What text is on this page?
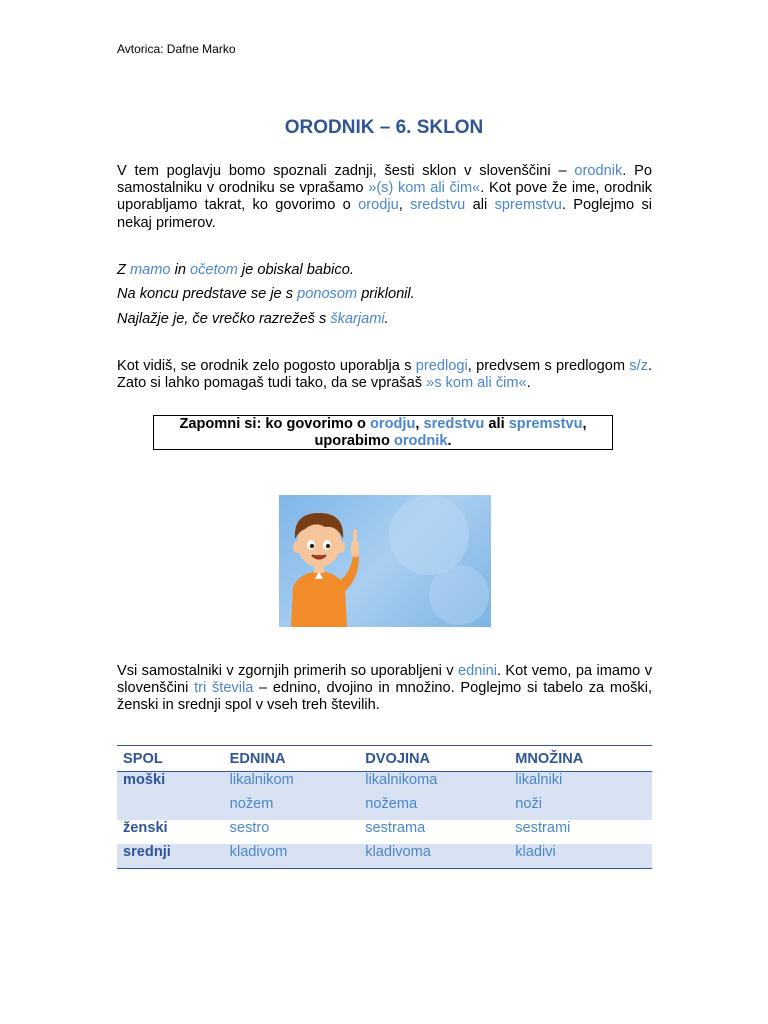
Avtorica: Dafne Marko
ORODNIK – 6. SKLON
V tem poglavju bomo spoznali zadnji, šesti sklon v slovenščini – orodnik. Po samostalniku v orodniku se vprašamo »(s) kom ali čim«. Kot pove že ime, orodnik uporabljamo takrat, ko govorimo o orodju, sredstvu ali spremstvu. Poglejmo si nekaj primerov.
Z mamo in očetom je obiskal babico.
Na koncu predstave se je s ponosom priklonil.
Najlažje je, če vrečko razrežeš s škarjami.
Kot vidiš, se orodnik zelo pogosto uporablja s predlogi, predvsem s predlogom s/z. Zato si lahko pomagaš tudi tako, da se vprašaš »s kom ali čim«.
Zapomni si: ko govorimo o orodju, sredstvu ali spremstvu,
uporabimo orodnik.
Vsi samostalniki v zgornjih primerih so uporabljeni v ednini. Kot vemo, pa imamo v slovenščini tri števila – ednino, dvojino in množino. Poglejmo si tabelo za moški, ženski in srednji spol v vseh treh številih.
SPOL	EDNINA	DVOJINA	MNOŽINA
moški	likalnikom	likalnikoma	likalniki
	nožem	nožema	noži
ženski	sestro	sestrama	sestrami
srednji	kladivom	kladivoma	kladivi
